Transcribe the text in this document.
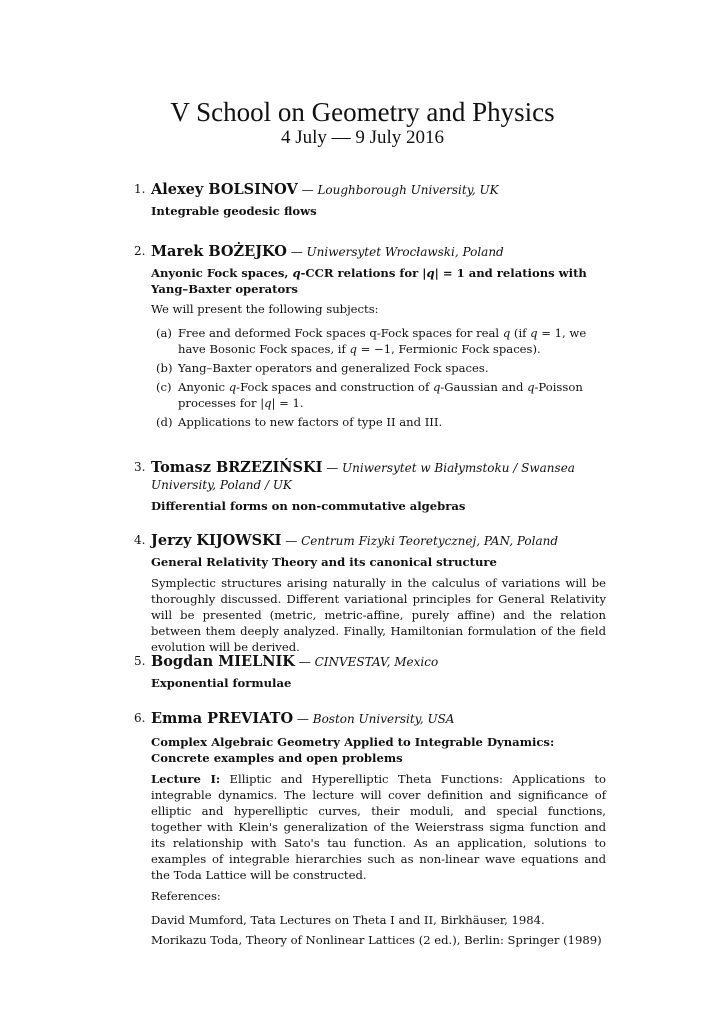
V School on Geometry and Physics
4 July — 9 July 2016
1. Alexey BOLSINOV — Loughborough University, UK
Integrable geodesic flows
2. Marek BOŻEJKO — Uniwersytet Wrocławski, Poland
Anyonic Fock spaces, q-CCR relations for |q| = 1 and relations with Yang–Baxter operators
We will present the following subjects:
(a) Free and deformed Fock spaces q-Fock spaces for real q (if q = 1, we have Bosonic Fock spaces, if q = −1, Fermionic Fock spaces).
(b) Yang–Baxter operators and generalized Fock spaces.
(c) Anyonic q-Fock spaces and construction of q-Gaussian and q-Poisson processes for |q| = 1.
(d) Applications to new factors of type II and III.
3. Tomasz BRZEZIŃSKI — Uniwersytet w Białymstoku / Swansea University, Poland / UK
Differential forms on non-commutative algebras
4. Jerzy KIJOWSKI — Centrum Fizyki Teoretycznej, PAN, Poland
General Relativity Theory and its canonical structure
Symplectic structures arising naturally in the calculus of variations will be thoroughly discussed. Different variational principles for General Relativity will be presented (metric, metric-affine, purely affine) and the relation between them deeply analyzed. Finally, Hamiltonian formulation of the field evolution will be derived.
5. Bogdan MIELNIK — CINVESTAV, Mexico
Exponential formulae
6. Emma PREVIATO — Boston University, USA
Complex Algebraic Geometry Applied to Integrable Dynamics: Concrete examples and open problems
Lecture I: Elliptic and Hyperelliptic Theta Functions: Applications to integrable dynamics. The lecture will cover definition and significance of elliptic and hyperelliptic curves, their moduli, and special functions, together with Klein's generalization of the Weierstrass sigma function and its relationship with Sato's tau function. As an application, solutions to examples of integrable hierarchies such as non-linear wave equations and the Toda Lattice will be constructed.
References:
David Mumford, Tata Lectures on Theta I and II, Birkhäuser, 1984.
Morikazu Toda, Theory of Nonlinear Lattices (2 ed.), Berlin: Springer (1989)
